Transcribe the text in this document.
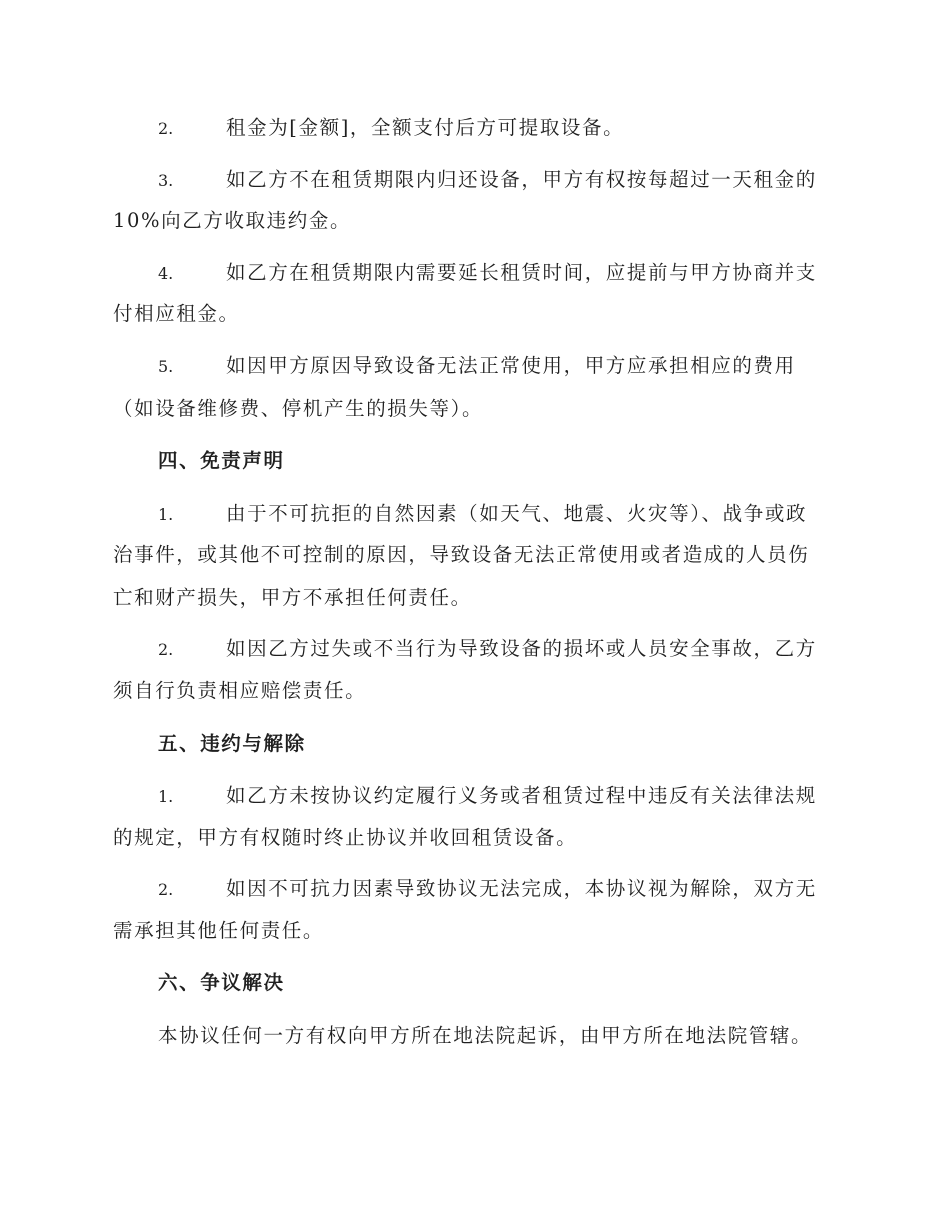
2.	租金为[金额]，全额支付后方可提取设备。
3.	如乙方不在租赁期限内归还设备，甲方有权按每超过一天租金的
10%向乙方收取违约金。
4.	如乙方在租赁期限内需要延长租赁时间，应提前与甲方协商并支
付相应租金。
5.	如因甲方原因导致设备无法正常使用，甲方应承担相应的费用
（如设备维修费、停机产生的损失等）。
四、免责声明
1.	由于不可抗拒的自然因素（如天气、地震、火灾等）、战争或政
治事件，或其他不可控制的原因，导致设备无法正常使用或者造成的人员伤
亡和财产损失，甲方不承担任何责任。
2.	如因乙方过失或不当行为导致设备的损坏或人员安全事故，乙方
须自行负责相应赔偿责任。
五、违约与解除
1.	如乙方未按协议约定履行义务或者租赁过程中违反有关法律法规
的规定，甲方有权随时终止协议并收回租赁设备。
2.	如因不可抗力因素导致协议无法完成，本协议视为解除，双方无
需承担其他任何责任。
六、争议解决
本协议任何一方有权向甲方所在地法院起诉，由甲方所在地法院管辖。
